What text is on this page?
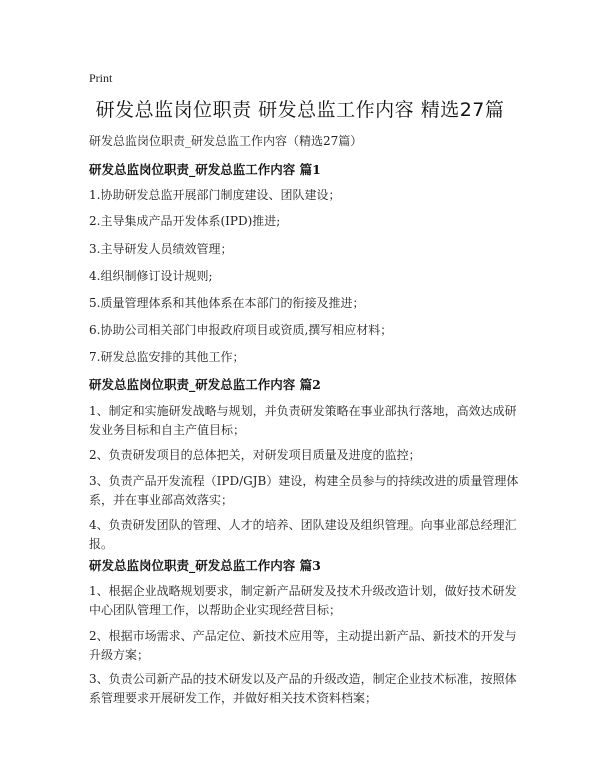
Print
研发总监岗位职责 研发总监工作内容 精选27篇
研发总监岗位职责_研发总监工作内容（精选27篇）
研发总监岗位职责_研发总监工作内容 篇1
1.协助研发总监开展部门制度建设、团队建设；
2.主导集成产品开发体系(IPD)推进;
3.主导研发人员绩效管理；
4.组织制修订设计规则;
5.质量管理体系和其他体系在本部门的衔接及推进；
6.协助公司相关部门申报政府项目或资质,撰写相应材料；
7.研发总监安排的其他工作；
研发总监岗位职责_研发总监工作内容 篇2
1、制定和实施研发战略与规划，并负责研发策略在事业部执行落地，高效达成研发业务目标和自主产值目标；
2、负责研发项目的总体把关，对研发项目质量及进度的监控；
3、负责产品开发流程（IPD/GJB）建设，构建全员参与的持续改进的质量管理体系，并在事业部高效落实；
4、负责研发团队的管理、人才的培养、团队建设及组织管理。向事业部总经理汇报。
研发总监岗位职责_研发总监工作内容 篇3
1、根据企业战略规划要求，制定新产品研发及技术升级改造计划，做好技术研发中心团队管理工作，以帮助企业实现经营目标；
2、根据市场需求、产品定位、新技术应用等，主动提出新产品、新技术的开发与升级方案；
3、负责公司新产品的技术研发以及产品的升级改造，制定企业技术标准，按照体系管理要求开展研发工作，并做好相关技术资料档案；
